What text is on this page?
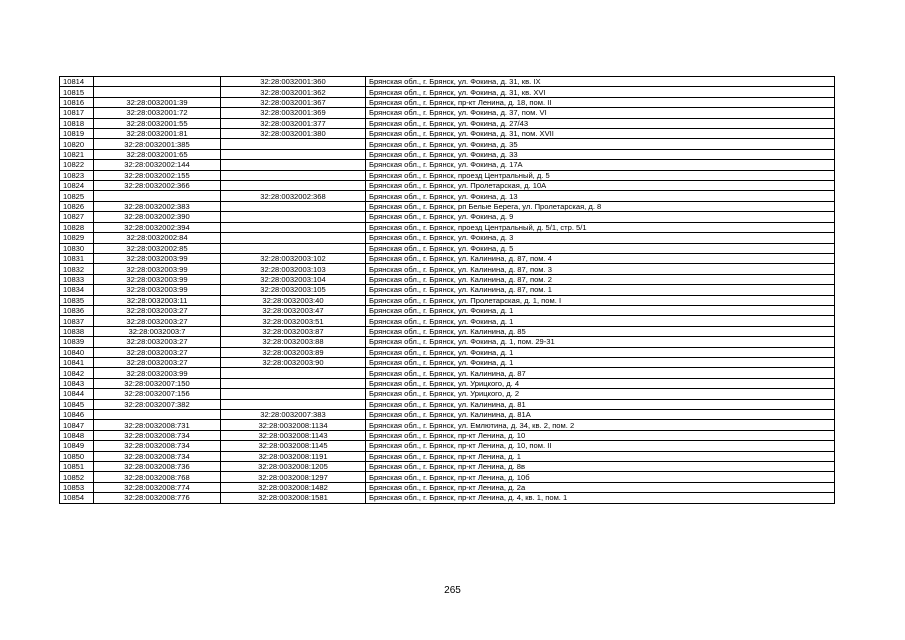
10814		32:28:0032001:360	Брянская обл., г. Брянск, ул. Фокина, д. 31, кв. IX
10815		32:28:0032001:362	Брянская обл., г. Брянск, ул. Фокина, д. 31, кв. XVI
10816	32:28:0032001:39	32:28:0032001:367	Брянская обл., г. Брянск, пр-кт Ленина, д. 18, пом. II
10817	32:28:0032001:72	32:28:0032001:369	Брянская обл., г. Брянск, ул. Фокина, д. 37, пом. VI
10818	32:28:0032001:55	32:28:0032001:377	Брянская обл., г. Брянск, ул. Фокина, д. 27/43
10819	32:28:0032001:81	32:28:0032001:380	Брянская обл., г. Брянск, ул. Фокина, д. 31, пом. XVII
10820	32:28:0032001:385		Брянская обл., г. Брянск, ул. Фокина, д. 35
10821	32:28:0032001:65		Брянская обл., г. Брянск, ул. Фокина, д. 33
10822	32:28:0032002:144		Брянская обл., г. Брянск, ул. Фокина, д. 17А
10823	32:28:0032002:155		Брянская обл., г. Брянск, проезд Центральный, д. 5
10824	32:28:0032002:366		Брянская обл., г. Брянск, ул. Пролетарская, д. 10А
10825		32:28:0032002:368	Брянская обл., г. Брянск, ул. Фокина, д. 13
10826	32:28:0032002:383		Брянская обл., г. Брянск, рп Белые Берега, ул. Пролетарская, д. 8
10827	32:28:0032002:390		Брянская обл., г. Брянск, ул. Фокина, д. 9
10828	32:28:0032002:394		Брянская обл., г. Брянск, проезд Центральный, д. 5/1, стр. 5/1
10829	32:28:0032002:84		Брянская обл., г. Брянск, ул. Фокина, д. 3
10830	32:28:0032002:85		Брянская обл., г. Брянск, ул. Фокина, д. 5
10831	32:28:0032003:99	32:28:0032003:102	Брянская обл., г. Брянск, ул. Калинина, д. 87, пом. 4
10832	32:28:0032003:99	32:28:0032003:103	Брянская обл., г. Брянск, ул. Калинина, д. 87, пом. 3
10833	32:28:0032003:99	32:28:0032003:104	Брянская обл., г. Брянск, ул. Калинина, д. 87, пом. 2
10834	32:28:0032003:99	32:28:0032003:105	Брянская обл., г. Брянск, ул. Калинина, д. 87, пом. 1
10835	32:28:0032003:11	32:28:0032003:40	Брянская обл., г. Брянск, ул. Пролетарская, д. 1, пом. I
10836	32:28:0032003:27	32:28:0032003:47	Брянская обл., г. Брянск, ул. Фокина, д. 1
10837	32:28:0032003:27	32:28:0032003:51	Брянская обл., г. Брянск, ул. Фокина, д. 1
10838	32:28:0032003:7	32:28:0032003:87	Брянская обл., г. Брянск, ул. Калинина, д. 85
10839	32:28:0032003:27	32:28:0032003:88	Брянская обл., г. Брянск, ул. Фокина, д. 1, пом. 29-31
10840	32:28:0032003:27	32:28:0032003:89	Брянская обл., г. Брянск, ул. Фокина, д. 1
10841	32:28:0032003:27	32:28:0032003:90	Брянская обл., г. Брянск, ул. Фокина, д. 1
10842	32:28:0032003:99		Брянская обл., г. Брянск, ул. Калинина, д. 87
10843	32:28:0032007:150		Брянская обл., г. Брянск, ул. Урицкого, д. 4
10844	32:28:0032007:156		Брянская обл., г. Брянск, ул. Урицкого, д. 2
10845	32:28:0032007:382		Брянская обл., г. Брянск, ул. Калинина, д. 81
10846		32:28:0032007:383	Брянская обл., г. Брянск, ул. Калинина, д. 81А
10847	32:28:0032008:731	32:28:0032008:1134	Брянская обл., г. Брянск, ул. Емлютина, д. 34, кв. 2, пом. 2
10848	32:28:0032008:734	32:28:0032008:1143	Брянская обл., г. Брянск, пр-кт Ленина, д. 10
10849	32:28:0032008:734	32:28:0032008:1145	Брянская обл., г. Брянск, пр-кт Ленина, д. 10, пом. II
10850	32:28:0032008:734	32:28:0032008:1191	Брянская обл., г. Брянск, пр-кт Ленина, д. 1
10851	32:28:0032008:736	32:28:0032008:1205	Брянская обл., г. Брянск, пр-кт Ленина, д. 8в
10852	32:28:0032008:768	32:28:0032008:1297	Брянская обл., г. Брянск, пр-кт Ленина, д. 10б
10853	32:28:0032008:774	32:28:0032008:1482	Брянская обл., г. Брянск, пр-кт Ленина, д. 2а
10854	32:28:0032008:776	32:28:0032008:1581	Брянская обл., г. Брянск, пр-кт Ленина, д. 4, кв. 1, пом. 1
265
